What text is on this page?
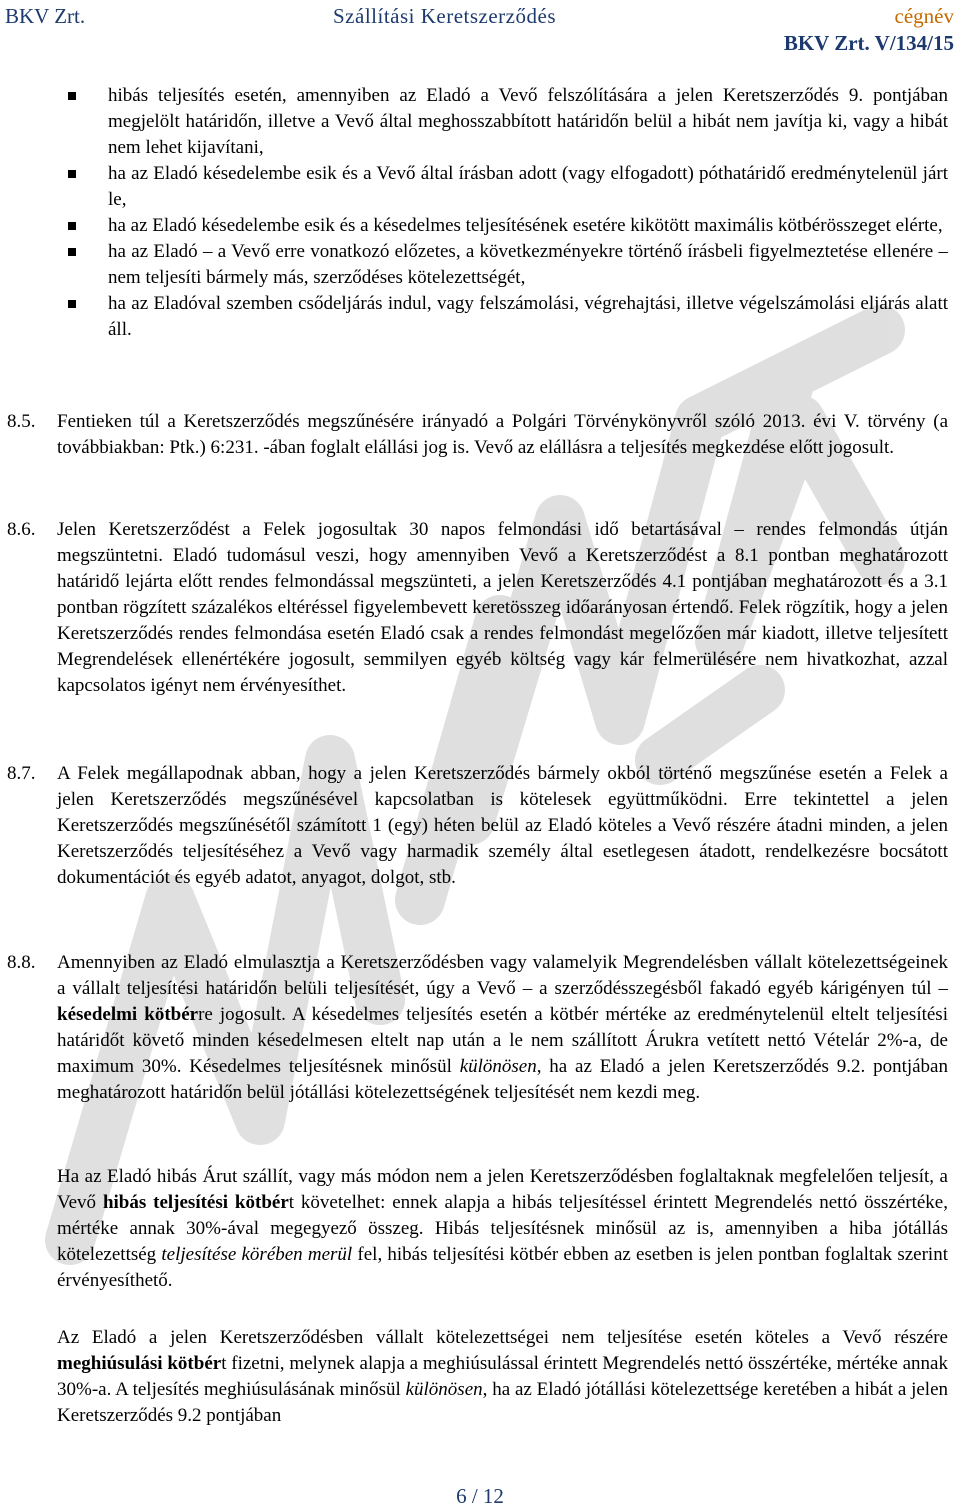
BKV Zrt.	Szállítási Keretszerződés	cégnév
BKV Zrt. V/134/15
hibás teljesítés esetén, amennyiben az Eladó a Vevő felszólítására a jelen Keretszerződés 9. pontjában megjelölt határidőn, illetve a Vevő által meghosszabbított határidőn belül a hibát nem javítja ki, vagy a hibát nem lehet kijavítani,
ha az Eladó késedelembe esik és a Vevő által írásban adott (vagy elfogadott) póthatáridő eredménytelenül járt le,
ha az Eladó késedelembe esik és a késedelmes teljesítésének esetére kikötött maximális kötbérösszeget elérte,
ha az Eladó – a Vevő erre vonatkozó előzetes, a következményekre történő írásbeli figyelmeztetése ellenére – nem teljesíti bármely más, szerződéses kötelezettségét,
ha az Eladóval szemben csődeljárás indul, vagy felszámolási, végrehajtási, illetve végelszámolási eljárás alatt áll.
8.5. Fentieken túl a Keretszerződés megszűnésére irányadó a Polgári Törvénykönyvről szóló 2013. évi V. törvény (a továbbiakban: Ptk.) 6:231. -ában foglalt elállási jog is. Vevő az elállásra a teljesítés megkezdése előtt jogosult.
8.6. Jelen Keretszerződést a Felek jogosultak 30 napos felmondási idő betartásával – rendes felmondás útján megszüntetni. Eladó tudomásul veszi, hogy amennyiben Vevő a Keretszerződést a 8.1 pontban meghatározott határidő lejárta előtt rendes felmondással megszünteti, a jelen Keretszerződés 4.1 pontjában meghatározott és a 3.1 pontban rögzített százalékos eltéréssel figyelembevett keretösszeg időarányosan értendő. Felek rögzítik, hogy a jelen Keretszerződés rendes felmondása esetén Eladó csak a rendes felmondást megelőzően már kiadott, illetve teljesített Megrendelések ellenértékére jogosult, semmilyen egyéb költség vagy kár felmerülésére nem hivatkozhat, azzal kapcsolatos igényt nem érvényesíthet.
8.7. A Felek megállapodnak abban, hogy a jelen Keretszerződés bármely okból történő megszűnése esetén a Felek a jelen Keretszerződés megszűnésével kapcsolatban is kötelesek együttműködni. Erre tekintettel a jelen Keretszerződés megszűnésétől számított 1 (egy) héten belül az Eladó köteles a Vevő részére átadni minden, a jelen Keretszerződés teljesítéséhez a Vevő vagy harmadik személy által esetlegesen átadott, rendelkezésre bocsátott dokumentációt és egyéb adatot, anyagot, dolgot, stb.
8.8. Amennyiben az Eladó elmulasztja a Keretszerződésben vagy valamelyik Megrendelésben vállalt kötelezettségeinek a vállalt teljesítési határidőn belüli teljesítését, úgy a Vevő – a szerződésszegésből fakadó egyéb kárigényen túl – késedelmi kötbérre jogosult. A késedelmes teljesítés esetén a kötbér mértéke az eredménytelenül eltelt teljesítési határidőt követő minden késedelmesen eltelt nap után a le nem szállított Árukra vetített nettó Vételár 2%-a, de maximum 30%. Késedelmes teljesítésnek minősül különösen, ha az Eladó a jelen Keretszerződés 9.2. pontjában meghatározott határidőn belül jótállási kötelezettségének teljesítését nem kezdi meg.
Ha az Eladó hibás Árut szállít, vagy más módon nem a jelen Keretszerződésben foglaltaknak megfelelően teljesít, a Vevő hibás teljesítési kötbért követelhet: ennek alapja a hibás teljesítéssel érintett Megrendelés nettó összértéke, mértéke annak 30%-ával megegyező összeg. Hibás teljesítésnek minősül az is, amennyiben a hiba jótállás kötelezettség teljesítése körében merül fel, hibás teljesítési kötbér ebben az esetben is jelen pontban foglaltak szerint érvényesíthető.
Az Eladó a jelen Keretszerződésben vállalt kötelezettségei nem teljesítése esetén köteles a Vevő részére meghiúsulási kötbért fizetni, melynek alapja a meghiúsulással érintett Megrendelés nettó összértéke, mértéke annak 30%-a. A teljesítés meghiúsulásának minősül különösen, ha az Eladó jótállási kötelezettsége keretében a hibát a jelen Keretszerződés 9.2 pontjában
6 / 12
